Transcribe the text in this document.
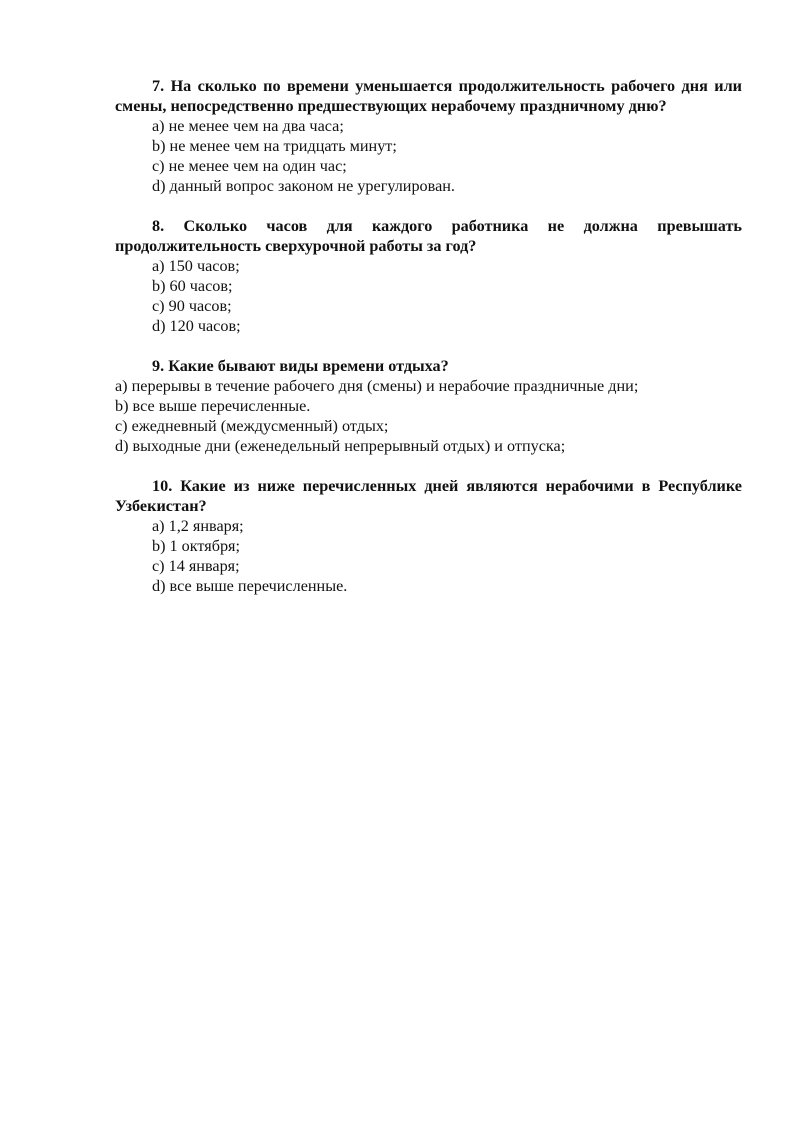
7. На сколько по времени уменьшается продолжительность рабочего дня или смены, непосредственно предшествующих нерабочему праздничному дню?

a) не менее чем на два часа;
b) не менее чем на тридцать минут;
c) не менее чем на один час;
d) данный вопрос законом не урегулирован.

8. Сколько часов для каждого работника не должна превышать продолжительность сверхурочной работы за год?

a) 150 часов;
b) 60 часов;
c) 90 часов;
d) 120 часов;

9. Какие бывают виды времени отдыха?

a) перерывы в течение рабочего дня (смены) и нерабочие праздничные дни;
b) все выше перечисленные.
c) ежедневный (междусменный) отдых;
d) выходные дни (еженедельный непрерывный отдых) и отпуска;

10. Какие из ниже перечисленных дней являются нерабочими в Республике Узбекистан?

a) 1,2 января;
b) 1 октября;
c) 14 января;
d) все выше перечисленные.
